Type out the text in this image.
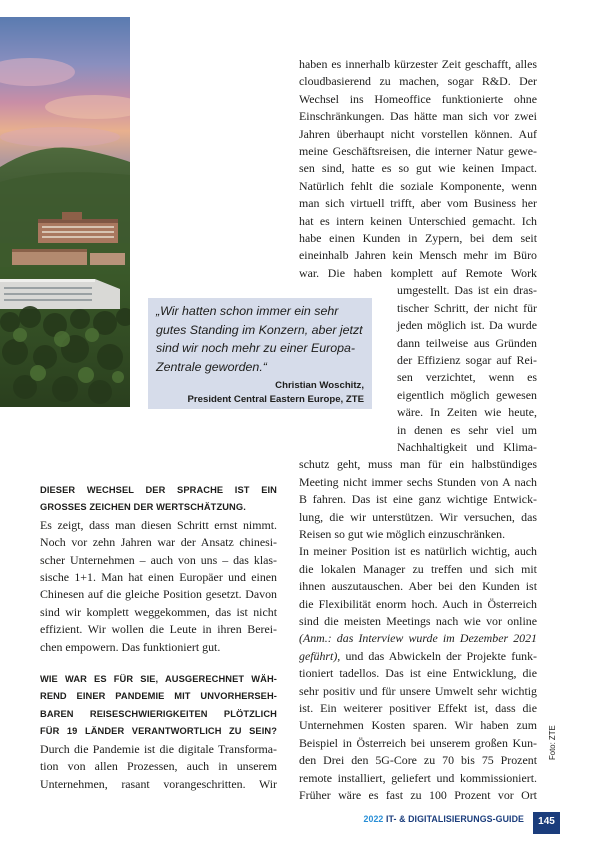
„Wir hatten schon immer ein sehr gutes Standing im Konzern, aber jetzt sind wir noch mehr zu einer Europa-Zentrale geworden.“

Christian Woschitz,
President Central Eastern Europe, ZTE

DIESER WECHSEL DER SPRACHE IST EIN
GROSSES ZEICHEN DER WERTSCHÄTZUNG.

Es zeigt, dass man diesen Schritt ernst nimmt.
Noch vor zehn Jahren war der Ansatz chinesi-
scher Unternehmen – auch von uns – das klas-
sische 1+1. Man hat einen Europäer und einen
Chinesen auf die gleiche Position gesetzt. Davon
sind wir komplett weggekommen, das ist nicht
effizient. Wir wollen die Leute in ihren Berei-
chen empowern. Das funktioniert gut.

WIE WAR ES FÜR SIE, AUSGERECHNET WÄH-
REND EINER PANDEMIE MIT UNVORHERSEH-
BAREN REISESCHWIERIGKEITEN PLÖTZLICH
FÜR 19 LÄNDER VERANTWORTLICH ZU SEIN?

Durch die Pandemie ist die digitale Transforma-
tion von allen Prozessen, auch in unserem
Unternehmen, rasant vorangeschritten. Wir

haben es innerhalb kürzester Zeit geschafft, alles
cloudbasierend zu machen, sogar R&D. Der
Wechsel ins Homeoffice funktionierte ohne
Einschränkungen. Das hätte man sich vor zwei
Jahren überhaupt nicht vorstellen können. Auf
meine Geschäftsreisen, die interner Natur gewe-
sen sind, hatte es so gut wie keinen Impact.
Natürlich fehlt die soziale Komponente, wenn
man sich virtuell trifft, aber vom Business her
hat es intern keinen Unterschied gemacht. Ich
habe einen Kunden in Zypern, bei dem seit
eineinhalb Jahren kein Mensch mehr im Büro
war. Die haben komplett auf Remote Work

umgestellt. Das ist ein dras-
tischer Schritt, der nicht für
jeden möglich ist. Da wurde
dann teilweise aus Gründen
der Effizienz sogar auf Rei-
sen verzichtet, wenn es
eigentlich möglich gewesen
wäre. In Zeiten wie heute,
in denen es sehr viel um
Nachhaltigkeit und Klima-

schutz geht, muss man für ein halbstündiges
Meeting nicht immer sechs Stunden von A nach
B fahren. Das ist eine ganz wichtige Entwick-
lung, die wir unterstützen. Wir versuchen, das
Reisen so gut wie möglich einzuschränken.

In meiner Position ist es natürlich wichtig, auch
die lokalen Manager zu treffen und sich mit
ihnen auszutauschen. Aber bei den Kunden ist
die Flexibilität enorm hoch. Auch in Österreich
sind die meisten Meetings nach wie vor online
(Anm.: das Interview wurde im Dezember 2021
geführt), und das Abwickeln der Projekte funk-
tioniert tadellos. Das ist eine Entwicklung, die
sehr positiv und für unsere Umwelt sehr wichtig
ist. Ein weiterer positiver Effekt ist, dass die
Unternehmen Kosten sparen. Wir haben zum
Beispiel in Österreich bei unserem großen Kun-
den Drei den 5G-Core zu 70 bis 75 Prozent
remote installiert, geliefert und kommissioniert.
Früher wäre es fast zu 100 Prozent vor Ort

Foto: ZTE
2022 IT- & DIGITALISIERUNGS-GUIDE	145
